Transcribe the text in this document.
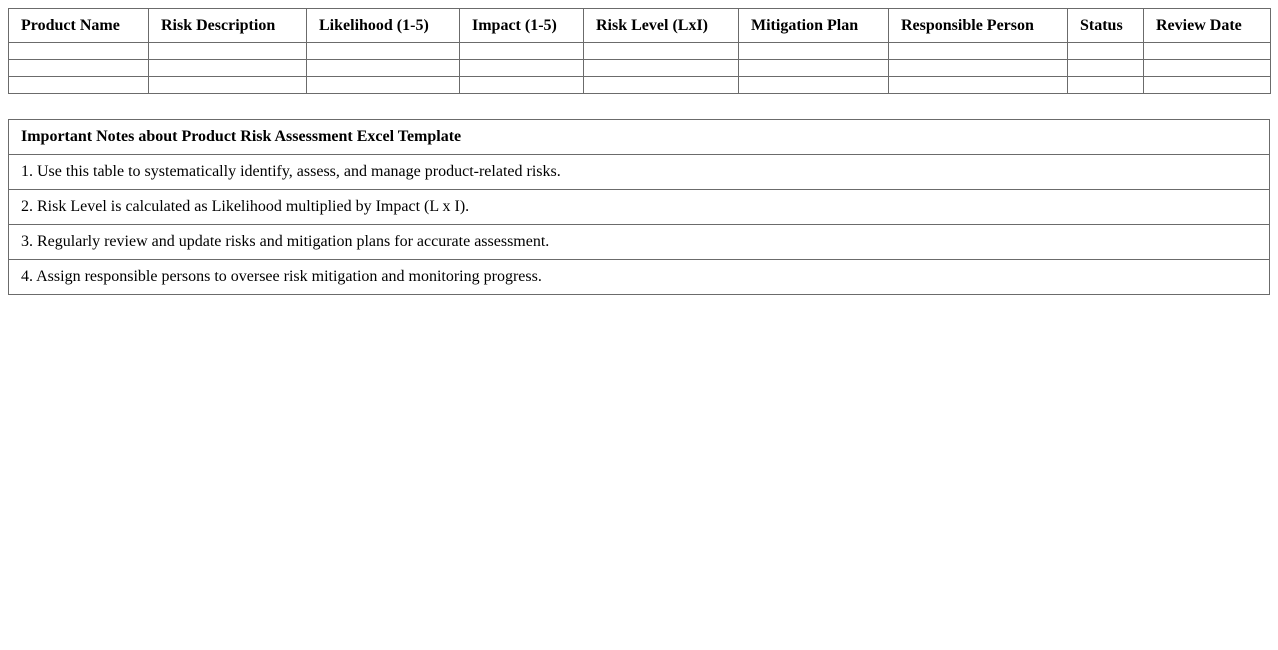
Product Name	Risk Description	Likelihood (1-5)	Impact (1-5)	Risk Level (LxI)	Mitigation Plan	Responsible Person	Status	Review Date

Important Notes about Product Risk Assessment Excel Template
1. Use this table to systematically identify, assess, and manage product-related risks.
2. Risk Level is calculated as Likelihood multiplied by Impact (L x I).
3. Regularly review and update risks and mitigation plans for accurate assessment.
4. Assign responsible persons to oversee risk mitigation and monitoring progress.
